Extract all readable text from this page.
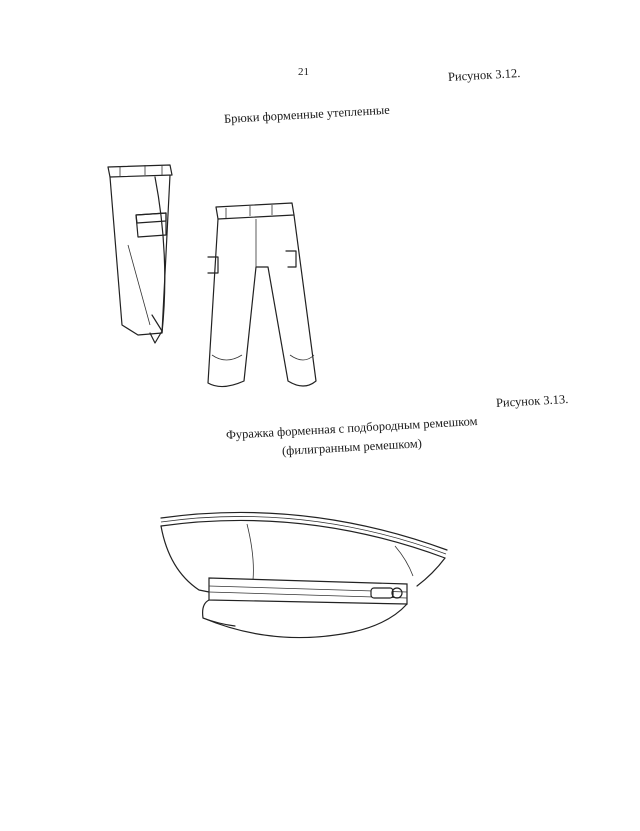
21	Рисунок 3.12.
Брюки форменные утепленные
Рисунок 3.13.
Фуражка форменная с подбородным ремешком
(филигранным ремешком)
